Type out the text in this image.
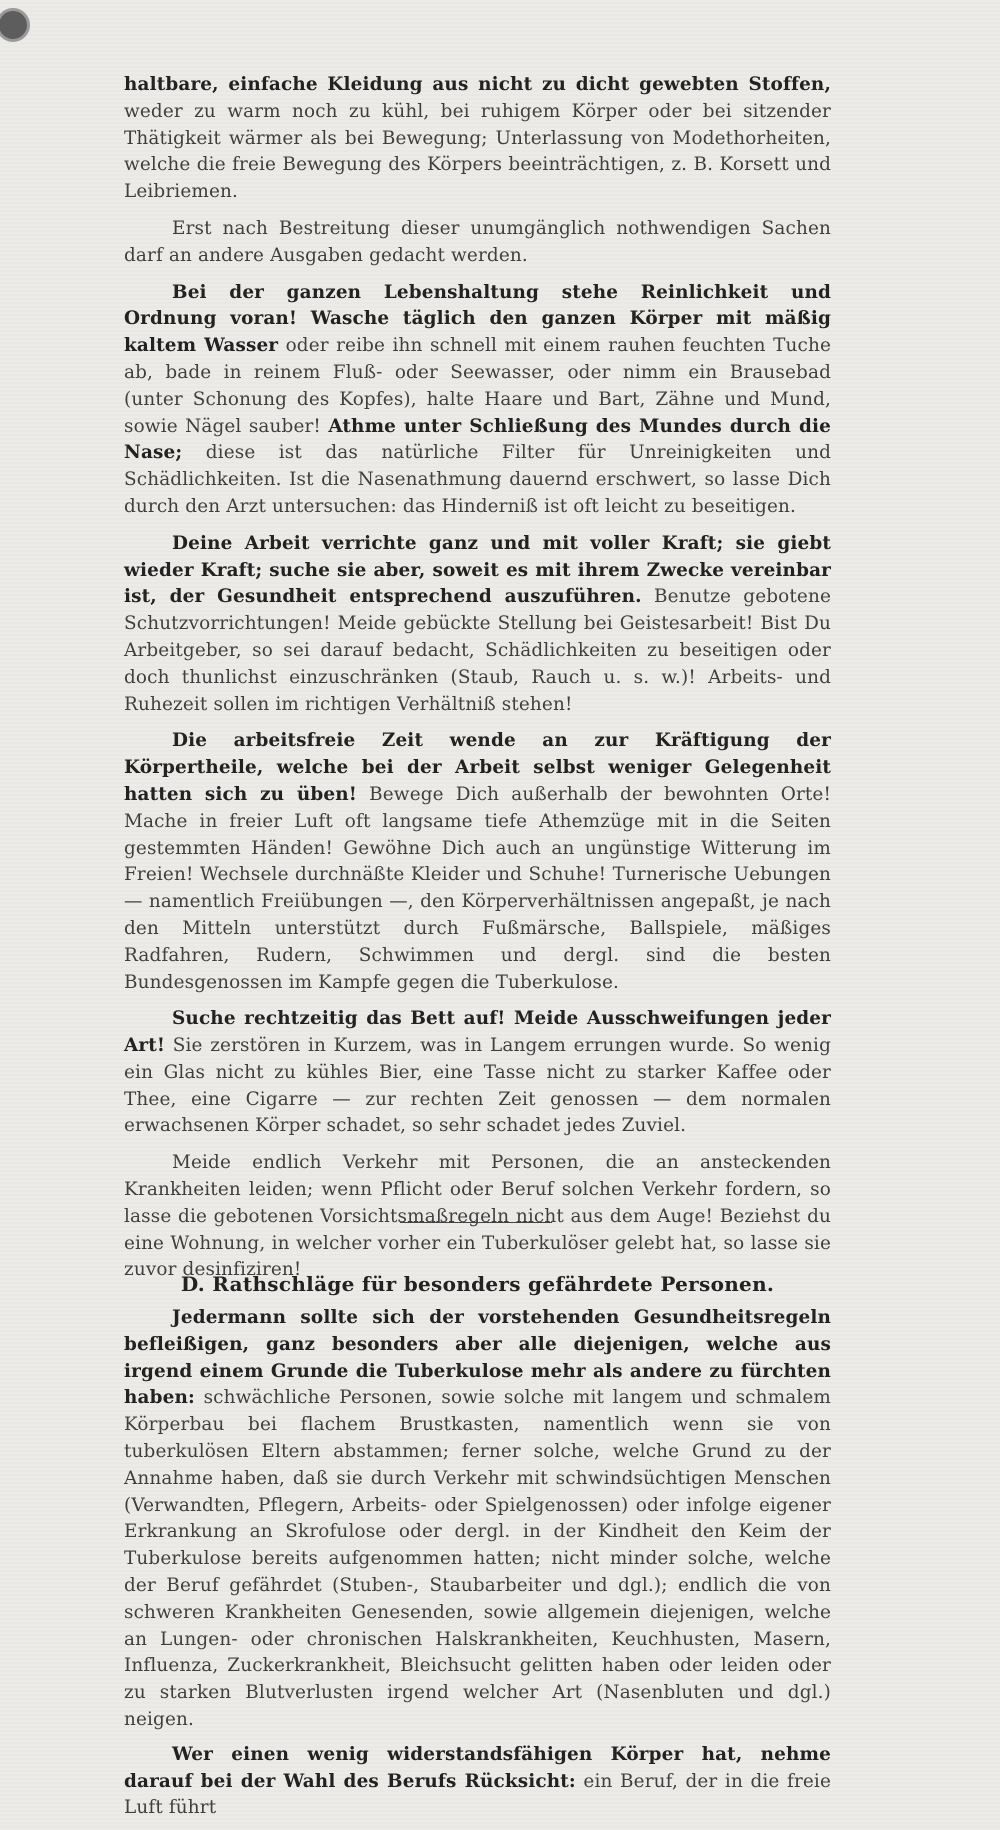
haltbare, einfache Kleidung aus nicht zu dicht gewebten Stoffen, weder zu warm noch zu kühl, bei ruhigem Körper oder bei sitzender Thätigkeit wärmer als bei Bewegung; Unterlassung von Modethorheiten, welche die freie Bewegung des Körpers beeinträchtigen, z. B. Korsett und Leibriemen.

Erst nach Bestreitung dieser unumgänglich nothwendigen Sachen darf an andere Ausgaben gedacht werden.

Bei der ganzen Lebenshaltung stehe Reinlichkeit und Ordnung voran! Wasche täglich den ganzen Körper mit mäßig kaltem Wasser oder reibe ihn schnell mit einem rauhen feuchten Tuche ab, bade in reinem Fluß- oder Seewasser, oder nimm ein Brausebad (unter Schonung des Kopfes), halte Haare und Bart, Zähne und Mund, sowie Nägel sauber! Athme unter Schließung des Mundes durch die Nase; diese ist das natürliche Filter für Unreinigkeiten und Schädlichkeiten. Ist die Nasenathmung dauernd erschwert, so lasse Dich durch den Arzt untersuchen: das Hinderniß ist oft leicht zu beseitigen.

Deine Arbeit verrichte ganz und mit voller Kraft; sie giebt wieder Kraft; suche sie aber, soweit es mit ihrem Zwecke vereinbar ist, der Gesundheit entsprechend auszuführen. Benutze gebotene Schutzvorrichtungen! Meide gebückte Stellung bei Geistesarbeit! Bist Du Arbeitgeber, so sei darauf bedacht, Schädlichkeiten zu beseitigen oder doch thunlichst einzuschränken (Staub, Rauch u. s. w.)! Arbeits- und Ruhezeit sollen im richtigen Verhältniß stehen!

Die arbeitsfreie Zeit wende an zur Kräftigung der Körpertheile, welche bei der Arbeit selbst weniger Gelegenheit hatten sich zu üben! Bewege Dich außerhalb der bewohnten Orte! Mache in freier Luft oft langsame tiefe Athemzüge mit in die Seiten gestemmten Händen! Gewöhne Dich auch an ungünstige Witterung im Freien! Wechsele durchnäßte Kleider und Schuhe! Turnerische Uebungen — namentlich Freiübungen —, den Körperverhältnissen angepaßt, je nach den Mitteln unterstützt durch Fußmärsche, Ballspiele, mäßiges Radfahren, Rudern, Schwimmen und dergl. sind die besten Bundesgenossen im Kampfe gegen die Tuberkulose.

Suche rechtzeitig das Bett auf! Meide Ausschweifungen jeder Art! Sie zerstören in Kurzem, was in Langem errungen wurde. So wenig ein Glas nicht zu kühles Bier, eine Tasse nicht zu starker Kaffee oder Thee, eine Cigarre — zur rechten Zeit genossen — dem normalen erwachsenen Körper schadet, so sehr schadet jedes Zuviel.

Meide endlich Verkehr mit Personen, die an ansteckenden Krankheiten leiden; wenn Pflicht oder Beruf solchen Verkehr fordern, so lasse die gebotenen Vorsichtsmaßregeln nicht aus dem Auge! Beziehst du eine Wohnung, in welcher vorher ein Tuberkulöser gelebt hat, so lasse sie zuvor desinfiziren!

D. Rathschläge für besonders gefährdete Personen.

Jedermann sollte sich der vorstehenden Gesundheitsregeln befleißigen, ganz besonders aber alle diejenigen, welche aus irgend einem Grunde die Tuberkulose mehr als andere zu fürchten haben: schwächliche Personen, sowie solche mit langem und schmalem Körperbau bei flachem Brustkasten, namentlich wenn sie von tuberkulösen Eltern abstammen; ferner solche, welche Grund zu der Annahme haben, daß sie durch Verkehr mit schwindsüchtigen Menschen (Verwandten, Pflegern, Arbeits- oder Spielgenossen) oder infolge eigener Erkrankung an Skrofulose oder dergl. in der Kindheit den Keim der Tuberkulose bereits aufgenommen hatten; nicht minder solche, welche der Beruf gefährdet (Stuben-, Staubarbeiter und dgl.); endlich die von schweren Krankheiten Genesenden, sowie allgemein diejenigen, welche an Lungen- oder chronischen Halskrankheiten, Keuchhusten, Masern, Influenza, Zuckerkrankheit, Bleichsucht gelitten haben oder leiden oder zu starken Blutverlusten irgend welcher Art (Nasenbluten und dgl.) neigen.

Wer einen wenig widerstandsfähigen Körper hat, nehme darauf bei der Wahl des Berufs Rücksicht: ein Beruf, der in die freie Luft führt
